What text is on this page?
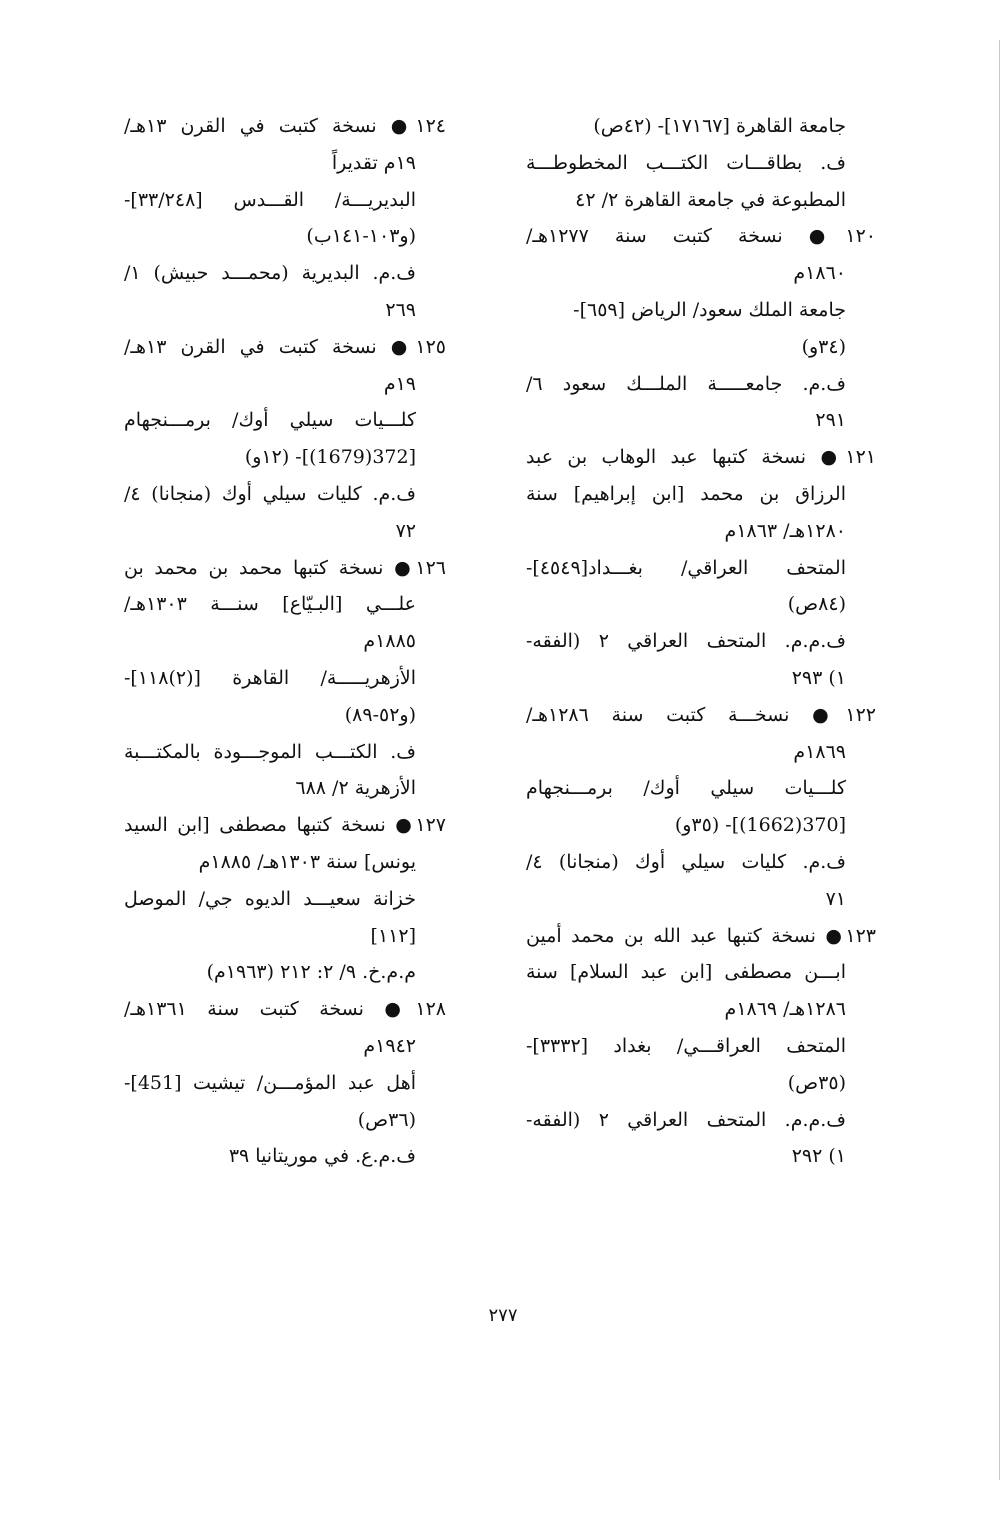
جامعة القاهرة [١٧١٦٧]- (٤٢ص)
ف. بطاقـــات الكتـــب المخطوطـــة
المطبوعة في جامعة القاهرة ٢/ ٤٢
١٢٠● نسخة كتبت سنة ١٢٧٧هـ/
١٨٦٠م
جامعة الملك سعود/ الرياض [٦٥٩]-
(٣٤و)
ف.م. جامعـــــة الملـــك سعود ٦/
٢٩١
١٢١● نسخة كتبها عبد الوهاب بن عبد
الرزاق بن محمد [ابن إبراهيم] سنة
١٢٨٠هـ/ ١٨٦٣م
المتحف العراقي/ بغـــداد[٤٥٤٩]-
(٨٤ص)
ف.م.م. المتحف العراقي ٢ (الفقه-
١) ٢٩٣
١٢٢● نسخـــة كتبت سنة ١٢٨٦هـ/
١٨٦٩م
كلـــيات سيلي أوك/ برمـــنجهام
[370(1662)]- (٣٥و)
ف.م. كليات سيلي أوك (منجانا) ٤/
٧١
١٢٣● نسخة كتبها عبد الله بن محمد أمين
ابـــن مصطفى [ابن عبد السلام] سنة
١٢٨٦هـ/ ١٨٦٩م
المتحف العراقـــي/ بغداد [٣٣٣٢]-
(٣٥ص)
ف.م.م. المتحف العراقي ٢ (الفقه-
١) ٢٩٢
١٢٤● نسخة كتبت في القرن ١٣هـ/
١٩م تقديراً
البديريـــة/ القـــدس [٣٣/٢٤٨]-
(و١٠٣-١٤١ب)
ف.م. البديرية (محمـــد حبيش) ١/
٢٦٩
١٢٥● نسخة كتبت في القرن ١٣هـ/
١٩م
كلـــيات سيلي أوك/ برمـــنجهام
[372(1679)]- (١٢و)
ف.م. كليات سيلي أوك (منجانا) ٤/
٧٢
١٢٦● نسخة كتبها محمد بن محمد بن
علـــي [البـيّاع] سنـــة ١٣٠٣هـ/
١٨٨٥م
الأزهريـــــة/ القاهرة [(٢)١١٨]-
(و٥٢-٨٩)
ف. الكتـــب الموجـــودة بالمكتـــبة
الأزهرية ٢/ ٦٨٨
١٢٧● نسخة كتبها مصطفى [ابن السيد
يونس] سنة ١٣٠٣هـ/ ١٨٨٥م
خزانة سعيـــد الديوه جي/ الموصل
[١١٢]
م.م.خ. ٩/ ٢: ٢١٢ (١٩٦٣م)
١٢٨● نسخة كتبت سنة ١٣٦١هـ/
١٩٤٢م
أهل عبد المؤمـــن/ تيشيت [451]-
(٣٦ص)
ف.م.ع. في موريتانيا ٣٩
٢٧٧
